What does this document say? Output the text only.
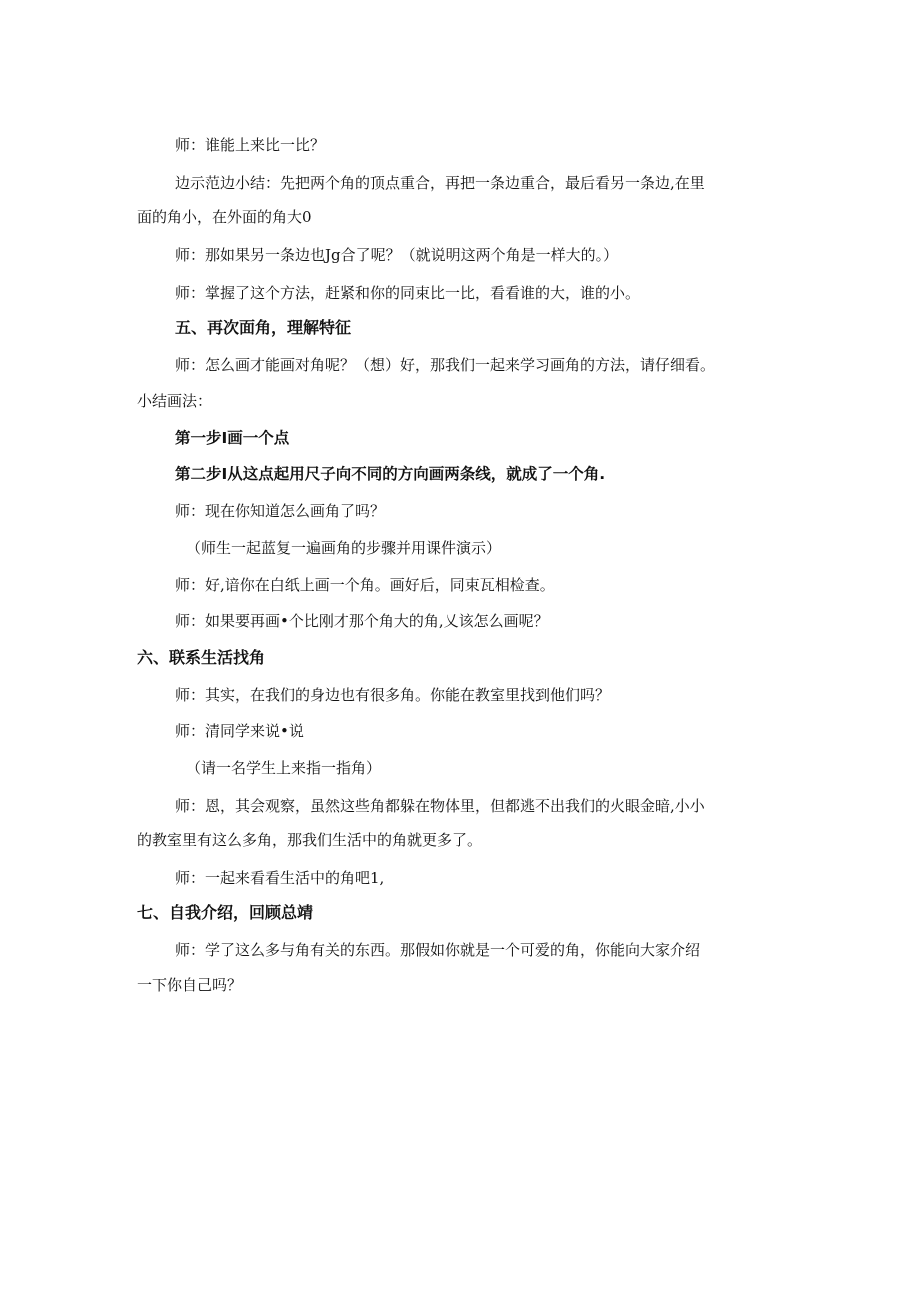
师：谁能上来比一比？
边示范边小结：先把两个角的顶点重合，再把一条边重合，最后看另一条边,在里
面的角小，在外面的角大0
师：那如果另一条边也Jg合了呢？（就说明这两个角是一样大的。）
师：掌握了这个方法，赶紧和你的同束比一比，看看谁的大，谁的小。
五、再次面角，理解特征
师：怎么画才能画对角呢？（想）好，那我们一起来学习画角的方法，请仔细看。
小结画法：
第一步I画一个点
第二步I从这点起用尺子向不同的方向画两条线，就成了一个角.
师：现在你知道怎么画角了吗？
（师生一起蓝复一遍画角的步骤并用课件演示）
师：好,谙你在白纸上画一个角。画好后，同束瓦相检查。
师：如果要再画•个比刚才那个角大的角,乂该怎么画呢？
六、联系生活找角
师：其实，在我们的身边也有很多角。你能在教室里找到他们吗？
师：清同学来说•说
（请一名学生上来指一指角）
师：恩，其会观察，虽然这些角都躲在物体里，但都逃不出我们的火眼金暗,小小
的教室里有这么多角，那我们生活中的角就更多了。
师：一起来看看生活中的角吧1,
七、自我介绍，回顾总靖
师：学了这么多与角有关的东西。那假如你就是一个可爱的角，你能向大家介绍
一下你自己吗？
